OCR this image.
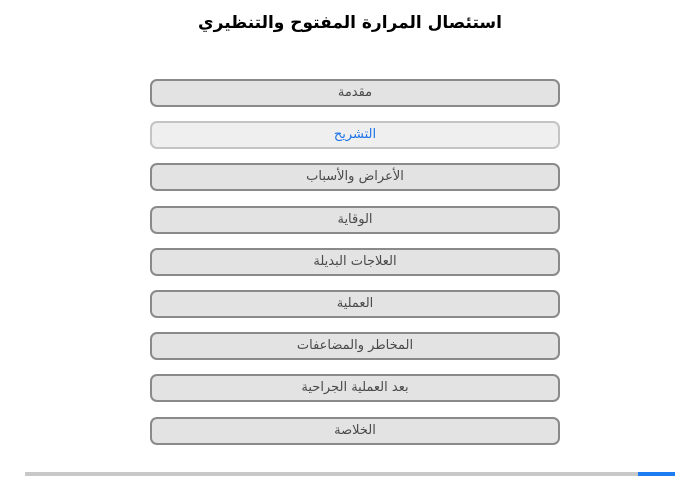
استئصال المرارة المفتوح والتنظيري
مقدمة
التشريح
الأعراض والأسباب
الوقاية
العلاجات البديلة
العملية
المخاطر والمضاعفات
بعد العملية الجراحية
الخلاصة
